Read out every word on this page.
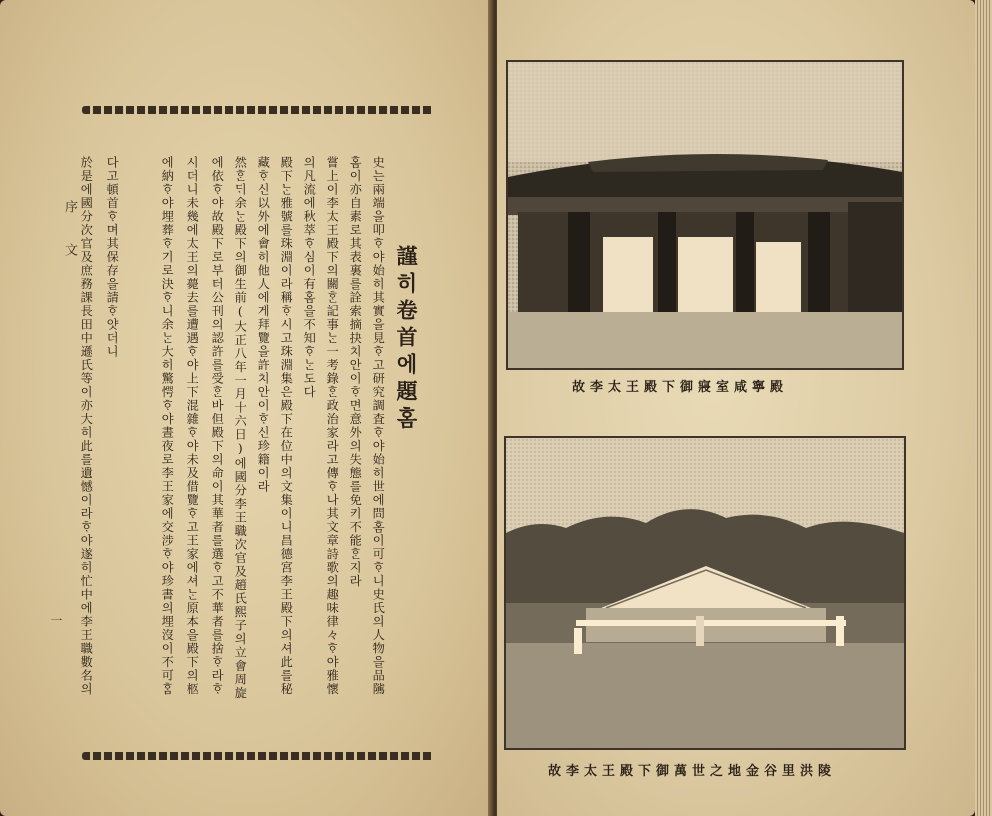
謹히卷首에題홈
序文
一	史는兩端을叩ᄒᆞ야始히其實을見ᄒᆞ고研究調査ᄒᆞ야始히世에問홈이可ᄒᆞ니史氏의人物을品隲
홈이亦自素로其表裏를詮索摘抉치안이ᄒᆞ면意外의失態를免키不能ᄒᆞᆫ지라
嘗上이李太王殿下의關ᄒᆞᆫ記事ᄂᆞᆫ一考錄ᄒᆞᆫ政治家라고傳ᄒᆞ나其文章詩歌의趣味律々ᄒᆞ야雅懷
의凡流에秋萃ᄒᆞ심이有홈을不知ᄒᆞᄂᆞᆫ도다
殿下ᄂᆞᆫ雅號를珠淵이라稱ᄒᆞ시고珠淵集은殿下在位中의文集이니昌德宮李王殿下의셔此를秘
藏ᄒᆞ신以外에會히他人에게拜覽을許치안이ᄒᆞ신珍籍이라
然ᄒᆞᆫᄃᆡ余ᄂᆞᆫ殿下의御生前(大正八年一月十六日)에國分李王職次官及趙氏熙子의立會周旋
에依ᄒᆞ야故殿下로부터公刊의認許를受ᄒᆞᆫ바但殿下의命이其華者를選ᄒᆞ고不華者를捨ᄒᆞ라ᄒᆞ
시더니未幾에太王의薨去를遭遇ᄒᆞ야上下混雜ᄒᆞ야未及借覽ᄒᆞ고王家에셔ᄂᆞᆫ原本을殿下의柩
에納ᄒᆞ야埋葬ᄒᆞ기로決ᄒᆞ니余ᄂᆞᆫ大히驚愕ᄒᆞ야晝夜로李王家에交涉ᄒᆞ야珍書의埋沒이不可ᄒᆞᆷ
다고頓首ᄒᆞ며其保存을請ᄒᆞ얏더니
於是에國分次官及庶務課長田中遜氏等이亦大히此를遺憾이라ᄒᆞ야遂히忙中에李王職數名의	故李太王殿下御寢室咸寧殿
故李太王殿下御萬世之地金谷里洪陵
